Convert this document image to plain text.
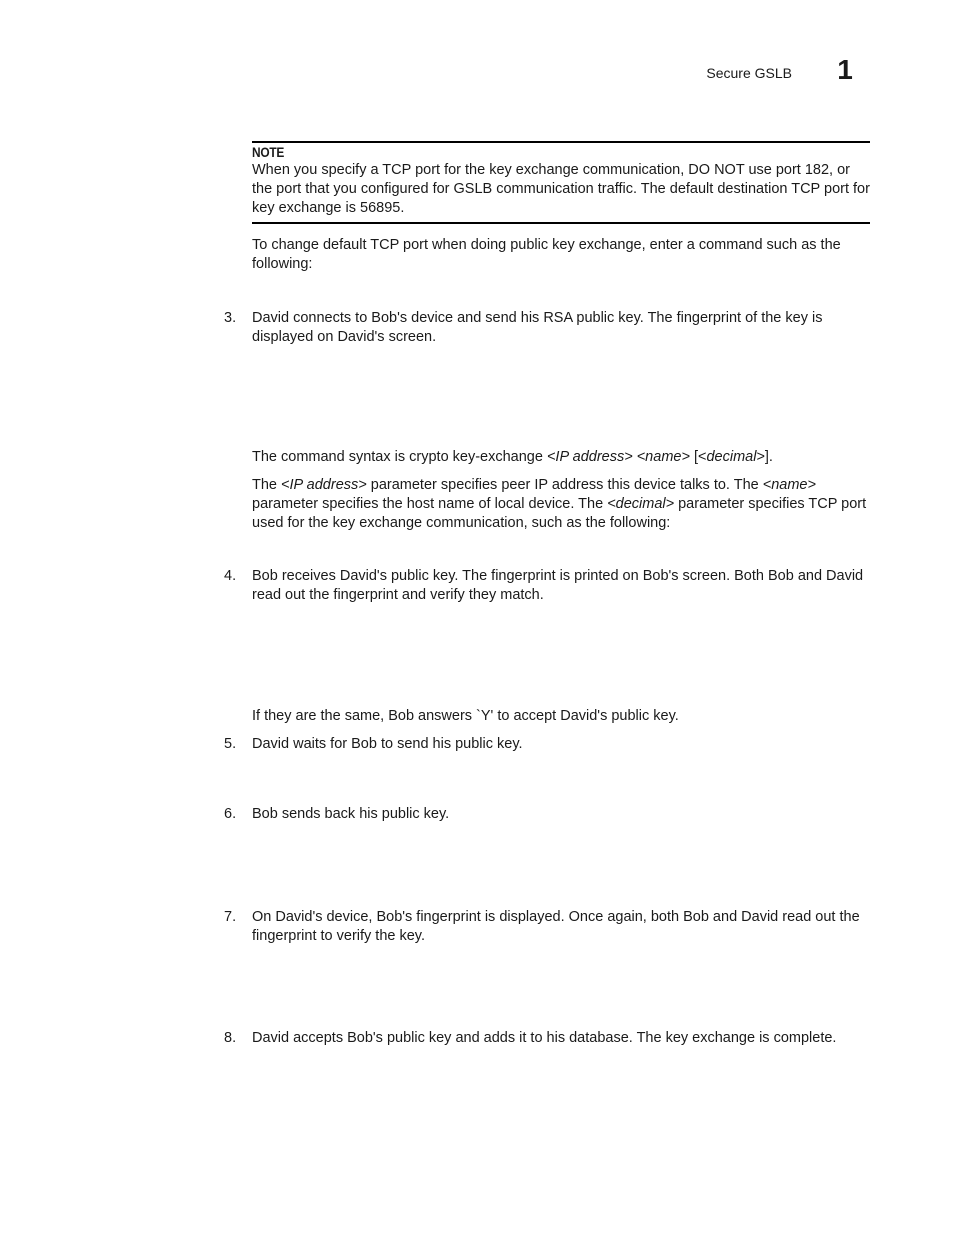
Secure GSLB 1
NOTE
When you specify a TCP port for the key exchange communication, DO NOT use port 182, or the port that you configured for GSLB communication traffic. The default destination TCP port for key exchange is 56895.
To change default TCP port when doing public key exchange, enter a command such as the following:
3.	David connects to Bob's device and send his RSA public key. The fingerprint of the key is displayed on David's screen.
The command syntax is crypto key-exchange <IP address> <name> [<decimal>].
The <IP address> parameter specifies peer IP address this device talks to. The <name> parameter specifies the host name of local device. The <decimal> parameter specifies TCP port used for the key exchange communication, such as the following:
4.	Bob receives David's public key. The fingerprint is printed on Bob's screen. Both Bob and David read out the fingerprint and verify they match.
If they are the same, Bob answers `Y' to accept David's public key.
5.	David waits for Bob to send his public key.
6.	Bob sends back his public key.
7.	On David's device, Bob's fingerprint is displayed. Once again, both Bob and David read out the fingerprint to verify the key.
8.	David accepts Bob's public key and adds it to his database. The key exchange is complete.
